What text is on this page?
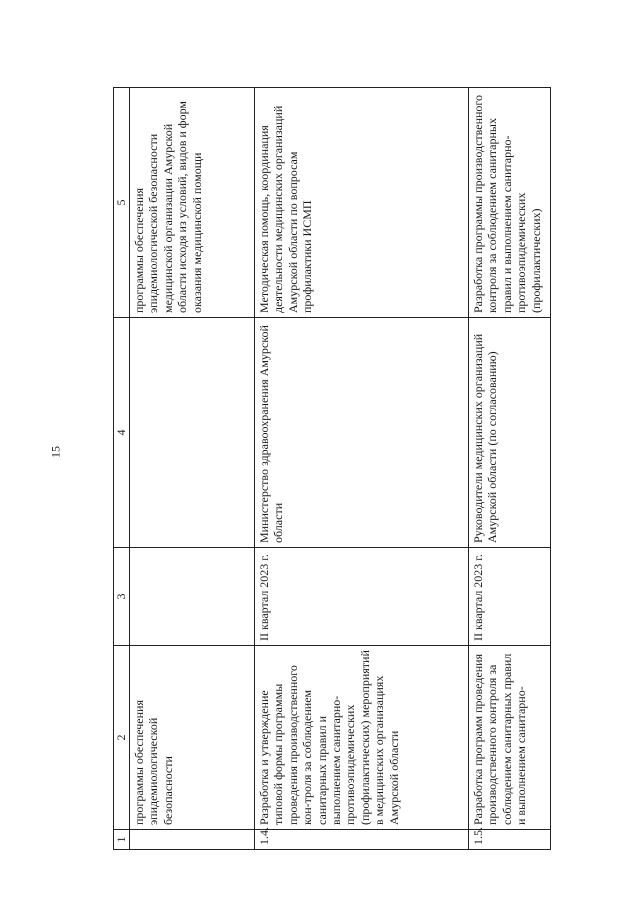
15
1	2	3	4	5
	программы обеспечения эпидемиологической безопасности			программы обеспечения эпидемиологической безопасности медицинской организации Амурской области исходя из условий, видов и форм оказания медицинской помощи
1.4.	Разработка и утверждение типовой формы программы проведения производственного кон-троля за соблюдением санитарных правил и выполнением санитарно-противоэпидемических (профилактических) мероприятий в медицинских организациях Амурской области	II квартал 2023 г.	Министерство здравоохранения Амурской области	Методическая помощь, координация деятельности медицинских организаций Амурской области по вопросам профилактики ИСМП
1.5.	Разработка программ проведения производственного контроля за соблюдением санитарных правил и выполнением санитарно-	II квартал 2023 г.	Руководители медицинских организаций Амурской области (по согласованию)	Разработка программы производственного контроля за соблюдением санитарных правил и выполнением санитарно-противоэпидемических (профилактических)
